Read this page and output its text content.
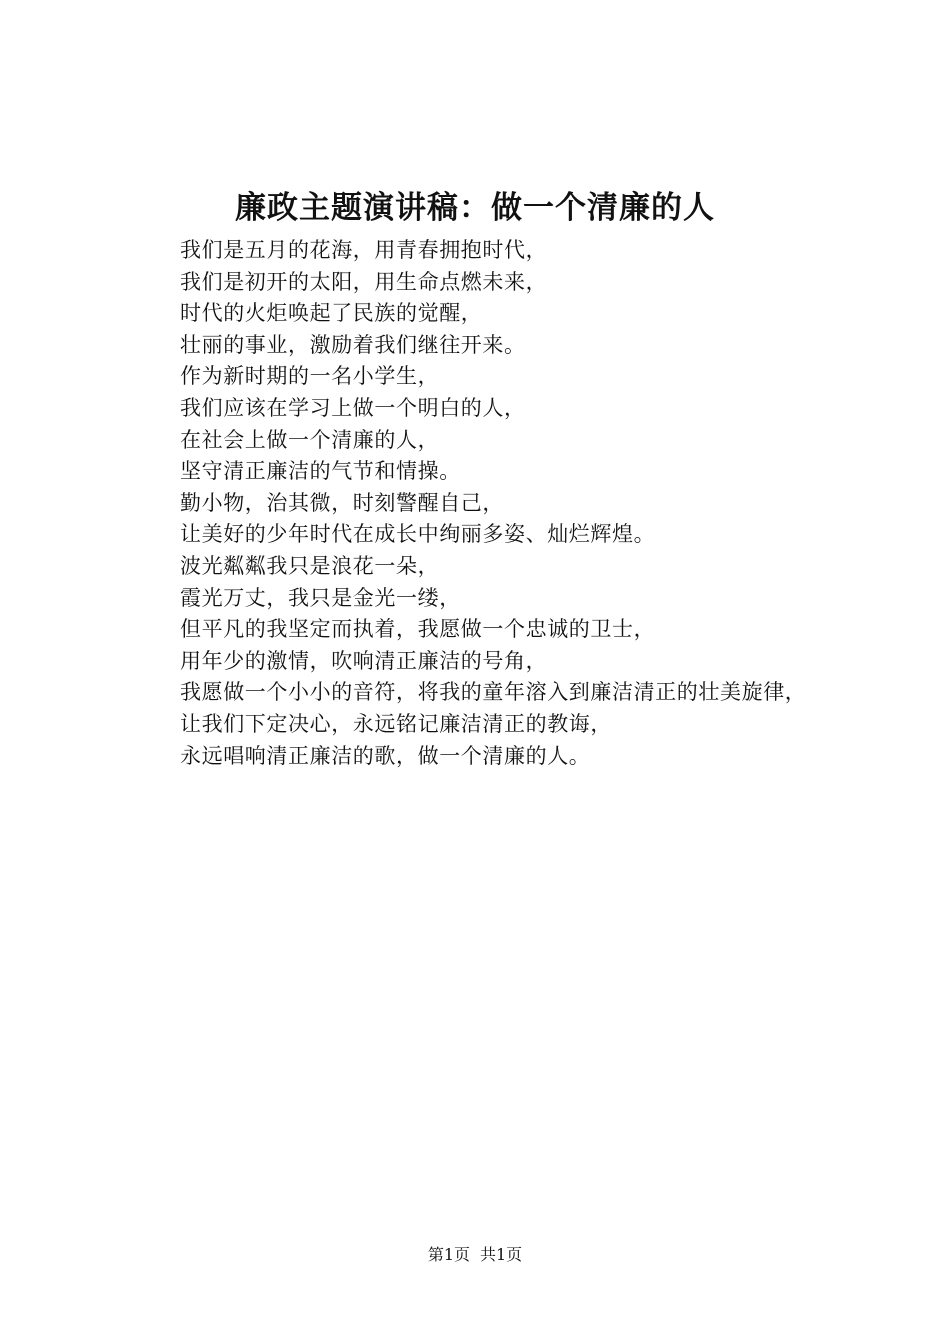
廉政主题演讲稿：做一个清廉的人
我们是五月的花海，用青春拥抱时代，
我们是初开的太阳，用生命点燃未来，
时代的火炬唤起了民族的觉醒，
壮丽的事业，激励着我们继往开来。
作为新时期的一名小学生，
我们应该在学习上做一个明白的人，
在社会上做一个清廉的人，
坚守清正廉洁的气节和情操。
勤小物，治其微，时刻警醒自己，
让美好的少年时代在成长中绚丽多姿、灿烂辉煌。
波光粼粼我只是浪花一朵，
霞光万丈，我只是金光一缕，
但平凡的我坚定而执着，我愿做一个忠诚的卫士，
用年少的激情，吹响清正廉洁的号角，
我愿做一个小小的音符，将我的童年溶入到廉洁清正的壮美旋律，
让我们下定决心，永远铭记廉洁清正的教诲，
永远唱响清正廉洁的歌，做一个清廉的人。
第1页 共1页
